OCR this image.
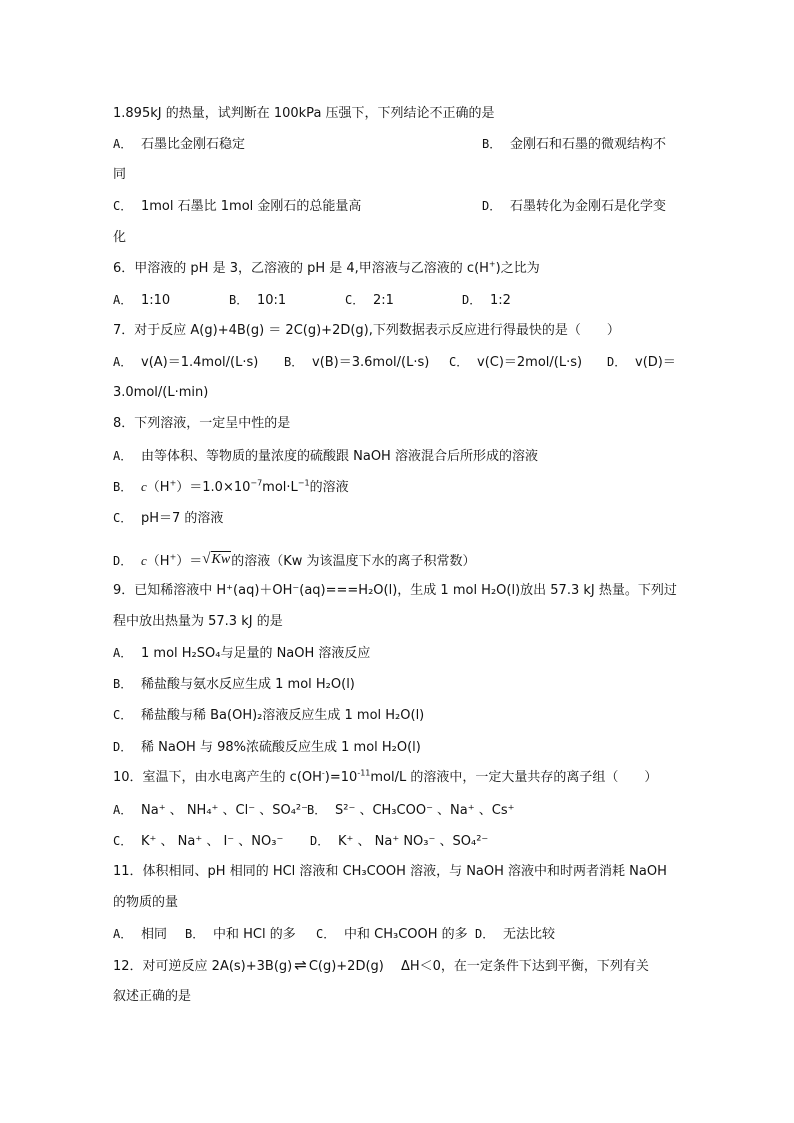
1.895kJ 的热量，试判断在 100kPa 压强下，下列结论不正确的是
A． 石墨比金刚石稳定	B． 金刚石和石墨的微观结构不
同
C． 1mol 石墨比 1mol 金刚石的总能量高	D． 石墨转化为金刚石是化学变
化
6．甲溶液的 pH 是 3，乙溶液的 pH 是 4,甲溶液与乙溶液的 c(H+)之比为
A． 1:10	B． 10:1	C． 2:1	D． 1:2
7．对于反应 A(g)+4B(g) ＝ 2C(g)+2D(g),下列数据表示反应进行得最快的是（　　）
A． v(A)＝1.4mol/(L·s) B． v(B)＝3.6mol/(L·s) C． v(C)＝2mol/(L·s) D． v(D)＝
3.0mol/(L·min)
8．下列溶液，一定呈中性的是
A． 由等体积、等物质的量浓度的硫酸跟 NaOH 溶液混合后所形成的溶液
B． $c(H^+)=1.0\times 10^{-7}mol\cdot L^{-1}$的溶液
C． pH＝7 的溶液
D． c（H+）＝√Kw的溶液（Kw 为该温度下水的离子积常数）
9．已知稀溶液中 H⁺(aq)＋OH⁻(aq)===H₂O(l)，生成 1 mol H₂O(l)放出 57.3 kJ 热量。下列过
程中放出热量为 57.3 kJ 的是
A． 1 mol H₂SO₄与足量的 NaOH 溶液反应
B． 稀盐酸与氨水反应生成 1 mol H₂O(l)
C． 稀盐酸与稀 Ba(OH)₂溶液反应生成 1 mol H₂O(l)
D． 稀 NaOH 与 98%浓硫酸反应生成 1 mol H₂O(l)
10．室温下，由水电离产生的 $c(OH^-)=10^{-11}mol/L$ 的溶液中，一定大量共存的离子组（　　）
A． Na⁺ 、 NH₄⁺ 、Cl⁻ 、SO₄²⁻ B． S²⁻ 、CH₃COO⁻ 、Na⁺ 、Cs⁺
C． K⁺ 、 Na⁺ 、 I⁻ 、NO₃⁻ D． K⁺ 、 Na⁺ NO₃⁻ 、SO₄²⁻
11．体积相同、pH 相同的 HCl 溶液和 CH₃COOH 溶液，与 NaOH 溶液中和时两者消耗 NaOH
的物质的量
A． 相同 B． 中和 HCl 的多 C． 中和 CH₃COOH 的多 D． 无法比较
12．对可逆反应 2A(s)+3B(g) ⇌ C(g)+2D(g)　 ΔH＜0，在一定条件下达到平衡，下列有关
叙述正确的是
